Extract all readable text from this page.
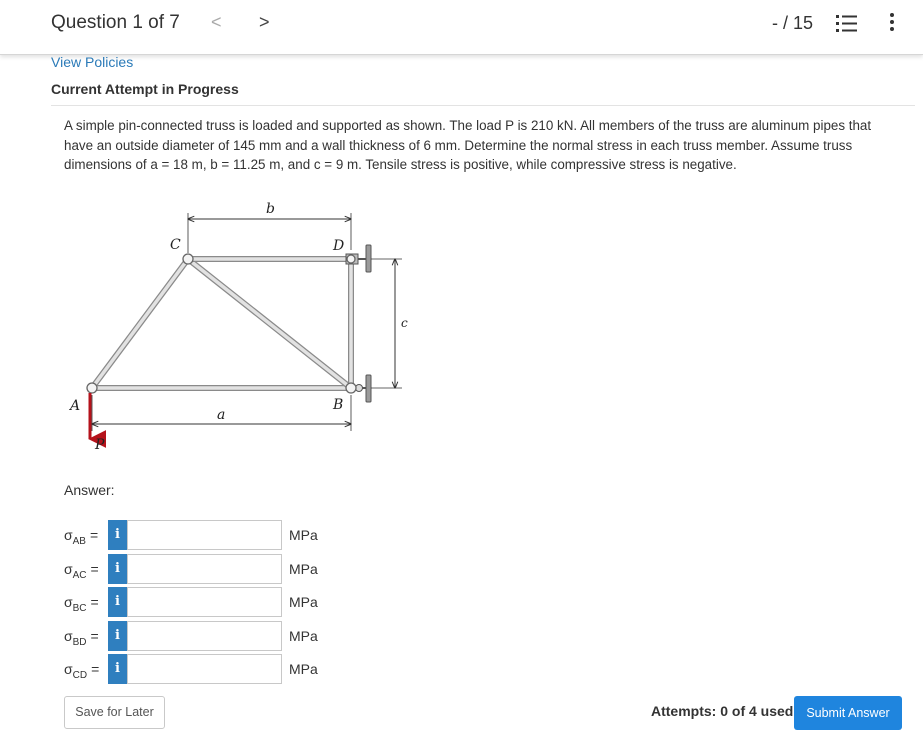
Question 1 of 7 < >	- / 15
View Policies
Current Attempt in Progress

A simple pin-connected truss is loaded and supported as shown. The load P is 210 kN. All members of the truss are aluminum pipes that have an outside diameter of 145 mm and a wall thickness of 6 mm. Determine the normal stress in each truss member. Assume truss dimensions of a = 18 m, b = 11.25 m, and c = 9 m. Tensile stress is positive, while compressive stress is negative.

C	D
A	B
P
b
a
c
Answer:
$\sigma_{AB}$ =	i	MPa
$\sigma_{AC}$ =	i	MPa
$\sigma_{BC}$ =	i	MPa
$\sigma_{BD}$ =	i	MPa
$\sigma_{CD}$ =	i	MPa
Save for Later	Attempts: 0 of 4 used	Submit Answer
